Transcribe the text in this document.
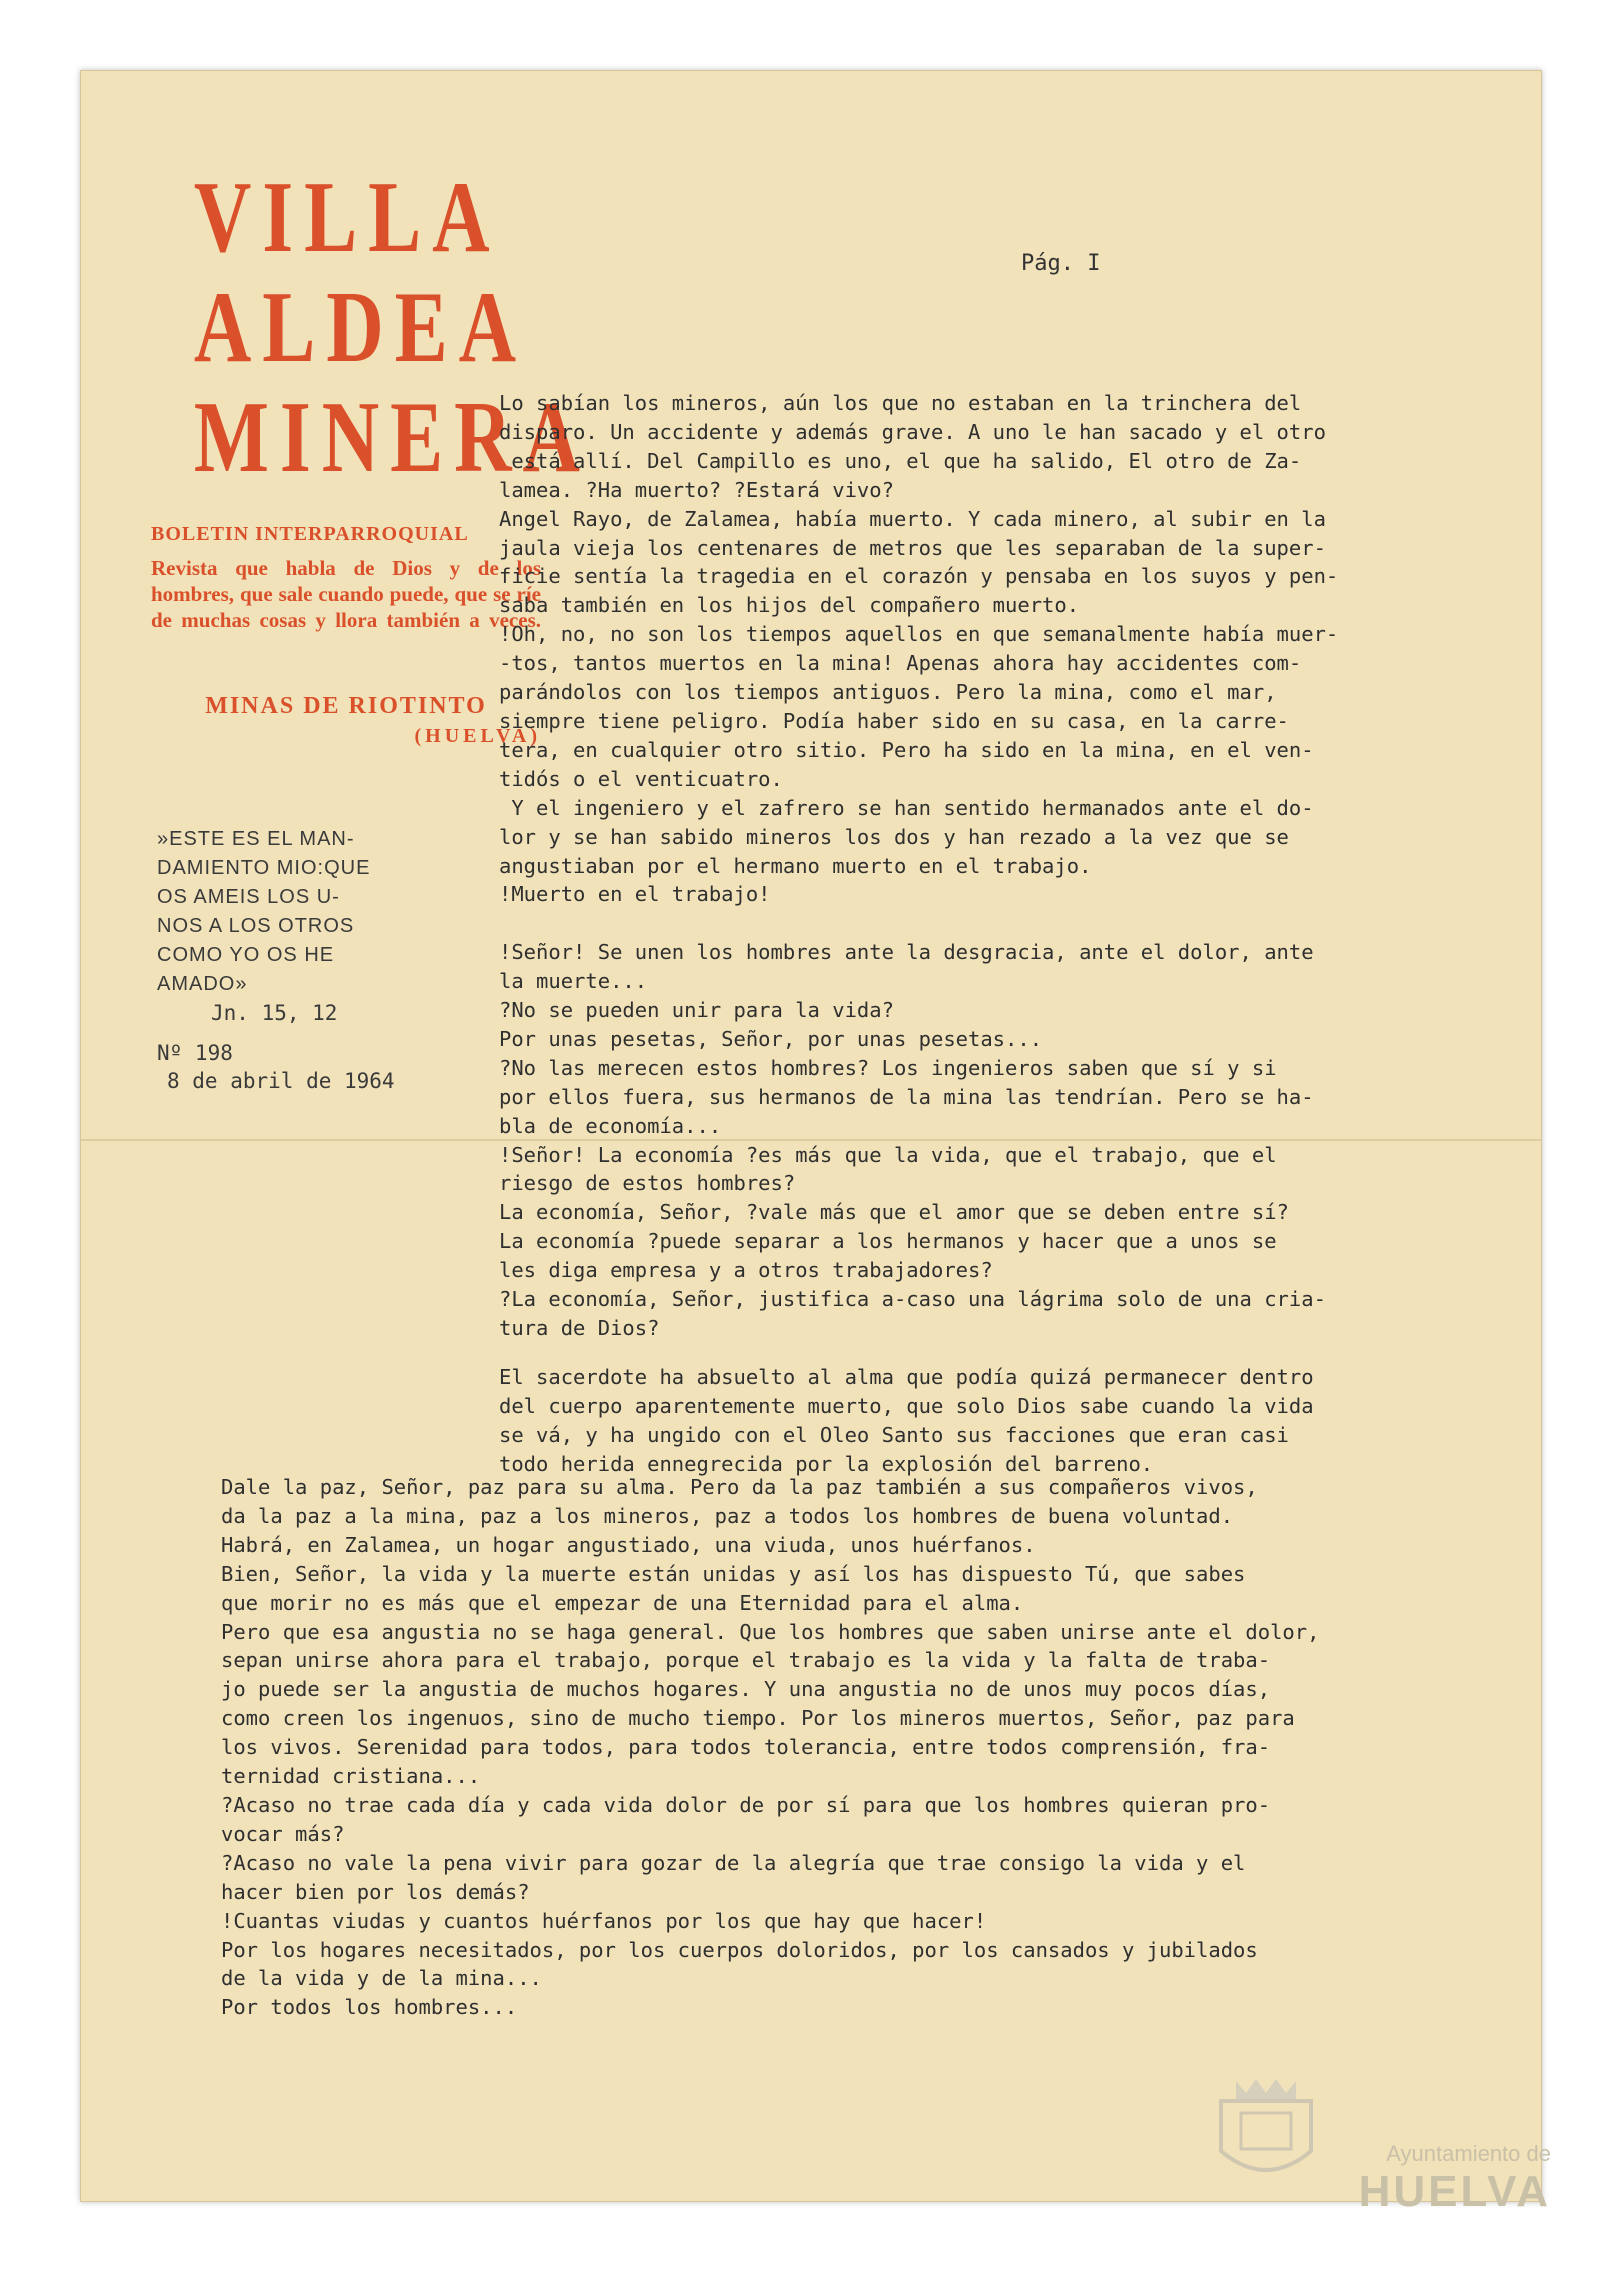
VILLA
ALDEA
MINERA
BOLETIN INTERPARROQUIAL
Revista que habla de Dios y de los hombres, que sale cuando puede, que se ríe de muchas cosas y llora también a veces.
MINAS DE RIOTINTO
(HUELVA)
»ESTE ES EL MAN-
DAMIENTO MIO:QUE
OS AMEIS LOS U-
NOS A LOS OTROS
COMO YO OS HE
AMADO»
Jn. 15, 12
Nº 198
8 de abril de 1964
Pág. I
Lo sabían los mineros, aún los que no estaban en la trinchera del
disparo. Un accidente y además grave. A uno le han sacado y el otro
está allí. Del Campillo es uno, el que ha salido, El otro de Za-
lamea. ?Ha muerto? ?Estará vivo?
Angel Rayo, de Zalamea, había muerto. Y cada minero, al subir en la
jaula vieja los centenares de metros que les separaban de la super-
ficie sentía la tragedia en el corazón y pensaba en los suyos y pen-
saba también en los hijos del compañero muerto.
!Oh, no, no son los tiempos aquellos en que semanalmente había muer-
-tos, tantos muertos en la mina! Apenas ahora hay accidentes com-
parándolos con los tiempos antiguos. Pero la mina, como el mar,
siempre tiene peligro. Podía haber sido en su casa, en la carre-
tera, en cualquier otro sitio. Pero ha sido en la mina, en el ven-
tidós o el venticuatro.
Y el ingeniero y el zafrero se han sentido hermanados ante el do-
lor y se han sabido mineros los dos y han rezado a la vez que se
angustiaban por el hermano muerto en el trabajo.
!Muerto en el trabajo!

!Señor! Se unen los hombres ante la desgracia, ante el dolor, ante
la muerte...
?No se pueden unir para la vida?
Por unas pesetas, Señor, por unas pesetas...
?No las merecen estos hombres? Los ingenieros saben que sí y si
por ellos fuera, sus hermanos de la mina las tendrían. Pero se ha-
bla de economía...
!Señor! La economía ?es más que la vida, que el trabajo, que el
riesgo de estos hombres?
La economía, Señor, ?vale más que el amor que se deben entre sí?
La economía ?puede separar a los hermanos y hacer que a unos se
les diga empresa y a otros trabajadores?
?La economía, Señor, justifica a-caso una lágrima solo de una cria-
tura de Dios?
El sacerdote ha absuelto al alma que podía quizá permanecer dentro
del cuerpo aparentemente muerto, que solo Dios sabe cuando la vida
se vá, y ha ungido con el Oleo Santo sus facciones que eran casi
todo herida ennegrecida por la explosión del barreno.
Dale la paz, Señor, paz para su alma. Pero da la paz también a sus compañeros vivos,
da la paz a la mina, paz a los mineros, paz a todos los hombres de buena voluntad.
Habrá, en Zalamea, un hogar angustiado, una viuda, unos huérfanos.
Bien, Señor, la vida y la muerte están unidas y así los has dispuesto Tú, que sabes
que morir no es más que el empezar de una Eternidad para el alma.
Pero que esa angustia no se haga general. Que los hombres que saben unirse ante el dolor,
sepan unirse ahora para el trabajo, porque el trabajo es la vida y la falta de traba-
jo puede ser la angustia de muchos hogares. Y una angustia no de unos muy pocos días,
como creen los ingenuos, sino de mucho tiempo. Por los mineros muertos, Señor, paz para
los vivos. Serenidad para todos, para todos tolerancia, entre todos comprensión, fra-
ternidad cristiana...
?Acaso no trae cada día y cada vida dolor de por sí para que los hombres quieran pro-
vocar más?
?Acaso no vale la pena vivir para gozar de la alegría que trae consigo la vida y el
hacer bien por los demás?
!Cuantas viudas y cuantos huérfanos por los que hay que hacer!
Por los hogares necesitados, por los cuerpos doloridos, por los cansados y jubilados
de la vida y de la mina...
Por todos los hombres...
Ayuntamiento de
HUELVA
